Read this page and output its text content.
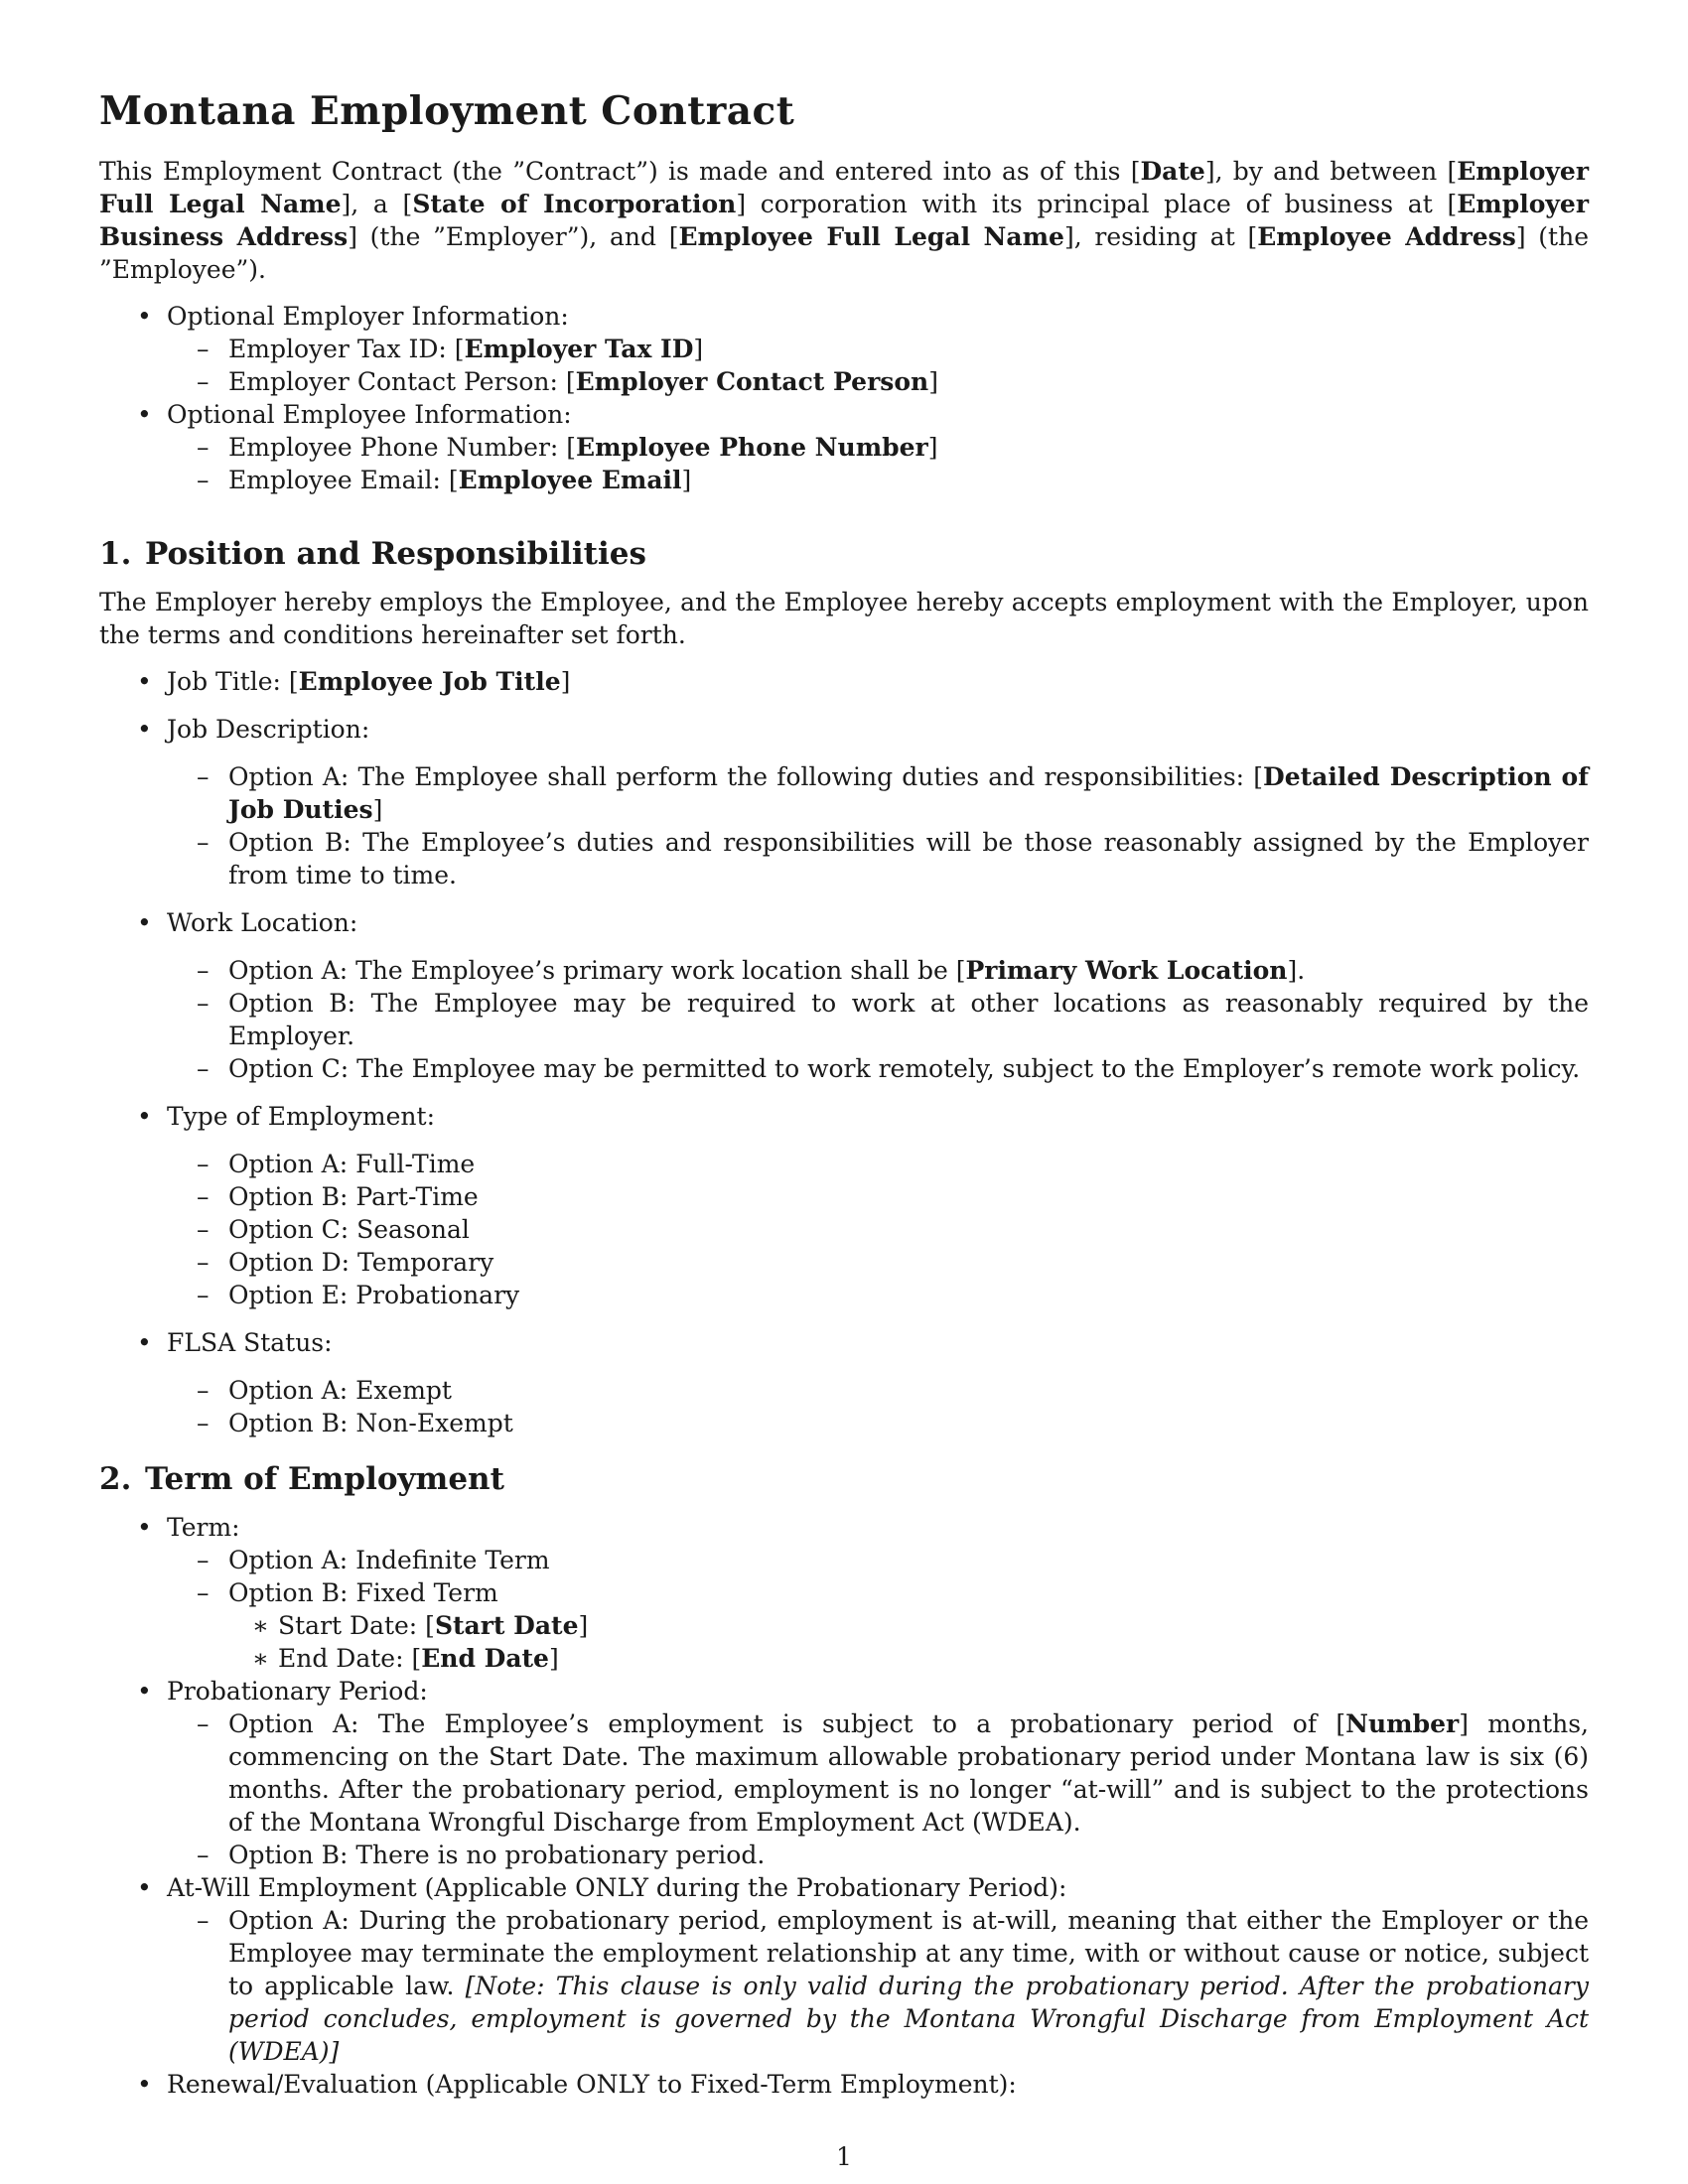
Montana Employment Contract

This Employment Contract (the ”Contract”) is made and entered into as of this [Date], by and between [Employer Full Legal Name], a [State of Incorporation] corporation with its principal place of business at [Employer Business Address] (the ”Employer”), and [Employee Full Legal Name], residing at [Employee Address] (the ”Employee”).

• Optional Employer Information:
– Employer Tax ID: [Employer Tax ID]
– Employer Contact Person: [Employer Contact Person]
• Optional Employee Information:
– Employee Phone Number: [Employee Phone Number]
– Employee Email: [Employee Email]
1. Position and Responsibilities

The Employer hereby employs the Employee, and the Employee hereby accepts employment with the Employer, upon the terms and conditions hereinafter set forth.

• Job Title: [Employee Job Title]
• Job Description:
– Option A: The Employee shall perform the following duties and responsibilities: [Detailed Description of Job Duties]
– Option B: The Employee’s duties and responsibilities will be those reasonably assigned by the Employer from time to time.
• Work Location:
– Option A: The Employee’s primary work location shall be [Primary Work Location].
– Option B: The Employee may be required to work at other locations as reasonably required by the Employer.
– Option C: The Employee may be permitted to work remotely, subject to the Employer’s remote work policy.
• Type of Employment:
– Option A: Full-Time
– Option B: Part-Time
– Option C: Seasonal
– Option D: Temporary
– Option E: Probationary
• FLSA Status:
– Option A: Exempt
– Option B: Non-Exempt
2. Term of Employment
• Term:
– Option A: Indefinite Term
– Option B: Fixed Term
∗ Start Date: [Start Date]
∗ End Date: [End Date]
• Probationary Period:
– Option A: The Employee’s employment is subject to a probationary period of [Number] months, commencing on the Start Date. The maximum allowable probationary period under Montana law is six (6) months. After the probationary period, employment is no longer “at-will” and is subject to the protections of the Montana Wrongful Discharge from Employment Act (WDEA).
– Option B: There is no probationary period.
• At-Will Employment (Applicable ONLY during the Probationary Period):
– Option A: During the probationary period, employment is at-will, meaning that either the Employer or the Employee may terminate the employment relationship at any time, with or without cause or notice, subject to applicable law. [Note: This clause is only valid during the probationary period. After the probationary period concludes, employment is governed by the Montana Wrongful Discharge from Employment Act (WDEA)]
• Renewal/Evaluation (Applicable ONLY to Fixed-Term Employment):
1
